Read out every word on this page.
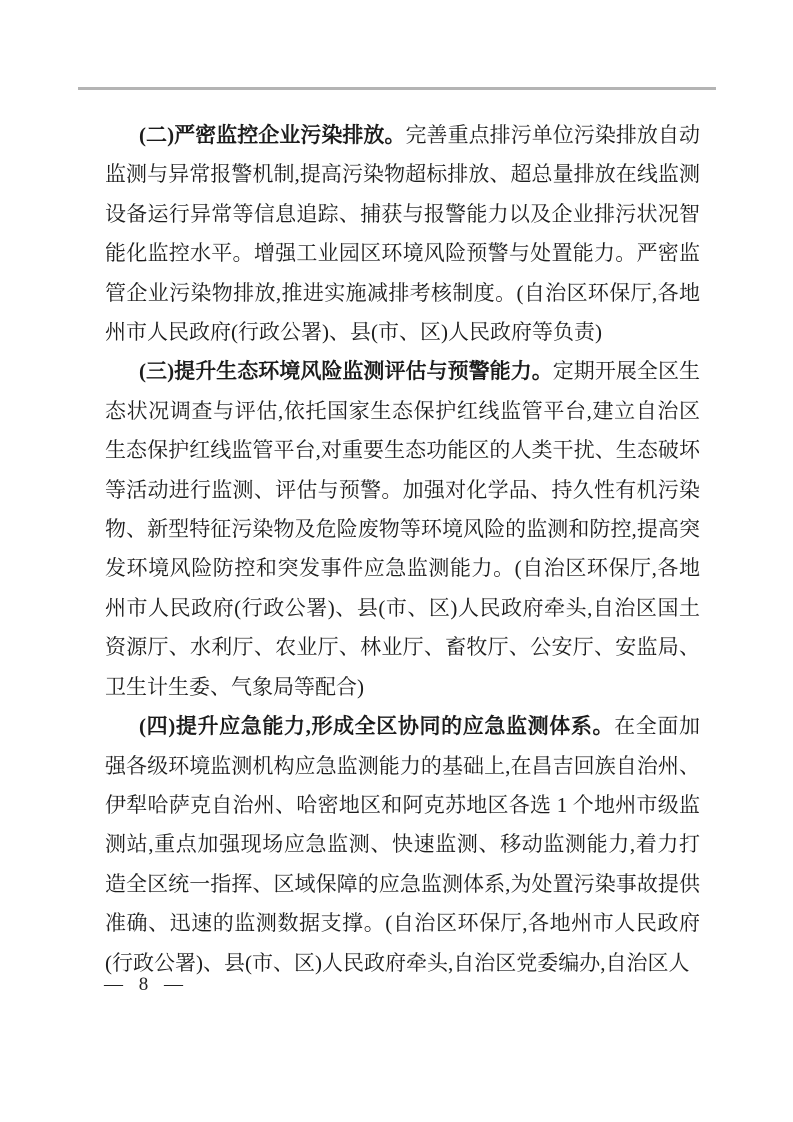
(二)严密监控企业污染排放。完善重点排污单位污染排放自动监测与异常报警机制,提高污染物超标排放、超总量排放在线监测设备运行异常等信息追踪、捕获与报警能力以及企业排污状况智能化监控水平。增强工业园区环境风险预警与处置能力。严密监管企业污染物排放,推进实施减排考核制度。(自治区环保厅,各地州市人民政府(行政公署)、县(市、区)人民政府等负责)

(三)提升生态环境风险监测评估与预警能力。定期开展全区生态状况调查与评估,依托国家生态保护红线监管平台,建立自治区生态保护红线监管平台,对重要生态功能区的人类干扰、生态破坏等活动进行监测、评估与预警。加强对化学品、持久性有机污染物、新型特征污染物及危险废物等环境风险的监测和防控,提高突发环境风险防控和突发事件应急监测能力。(自治区环保厅,各地州市人民政府(行政公署)、县(市、区)人民政府牵头,自治区国土资源厅、水利厅、农业厅、林业厅、畜牧厅、公安厅、安监局、卫生计生委、气象局等配合)

(四)提升应急能力,形成全区协同的应急监测体系。在全面加强各级环境监测机构应急监测能力的基础上,在昌吉回族自治州、伊犁哈萨克自治州、哈密地区和阿克苏地区各选 1 个地州市级监测站,重点加强现场应急监测、快速监测、移动监测能力,着力打造全区统一指挥、区域保障的应急监测体系,为处置污染事故提供准确、迅速的监测数据支撑。(自治区环保厅,各地州市人民政府(行政公署)、县(市、区)人民政府牵头,自治区党委编办,自治区人

— 8 —
